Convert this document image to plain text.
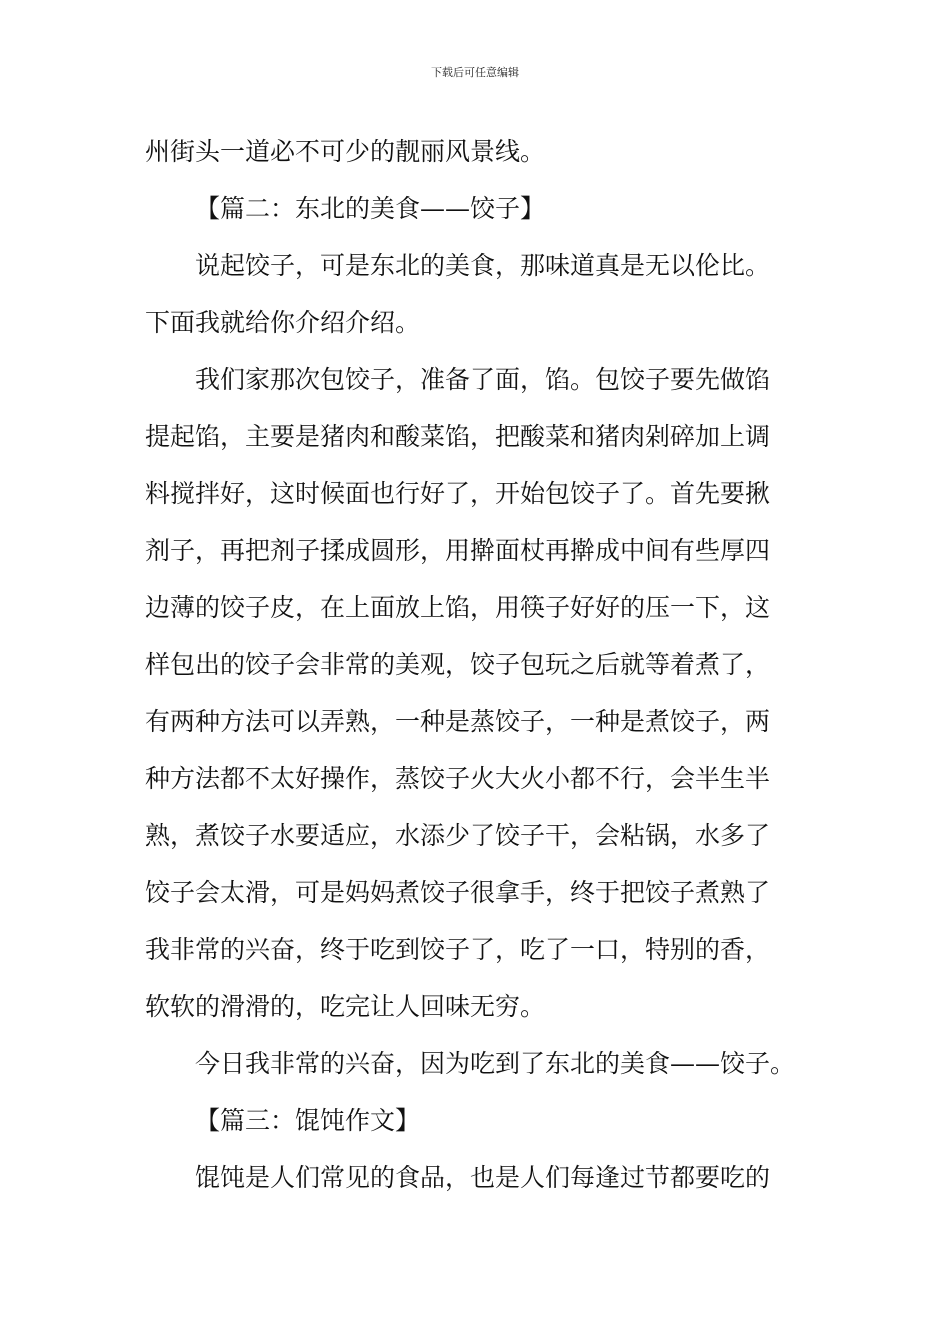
下载后可任意编辑
州街头一道必不可少的靓丽风景线。
【篇二：东北的美食——饺子】
说起饺子，可是东北的美食，那味道真是无以伦比。
下面我就给你介绍介绍。
我们家那次包饺子，准备了面，馅。包饺子要先做馅
提起馅，主要是猪肉和酸菜馅，把酸菜和猪肉剁碎加上调
料搅拌好，这时候面也行好了，开始包饺子了。首先要揪
剂子，再把剂子揉成圆形，用擀面杖再擀成中间有些厚四
边薄的饺子皮，在上面放上馅，用筷子好好的压一下，这
样包出的饺子会非常的美观，饺子包玩之后就等着煮了，
有两种方法可以弄熟，一种是蒸饺子，一种是煮饺子，两
种方法都不太好操作，蒸饺子火大火小都不行，会半生半
熟，煮饺子水要适应，水添少了饺子干，会粘锅，水多了
饺子会太滑，可是妈妈煮饺子很拿手，终于把饺子煮熟了
我非常的兴奋，终于吃到饺子了，吃了一口，特别的香，
软软的滑滑的，吃完让人回味无穷。
今日我非常的兴奋，因为吃到了东北的美食——饺子。
【篇三：馄饨作文】
馄饨是人们常见的食品，也是人们每逢过节都要吃的
